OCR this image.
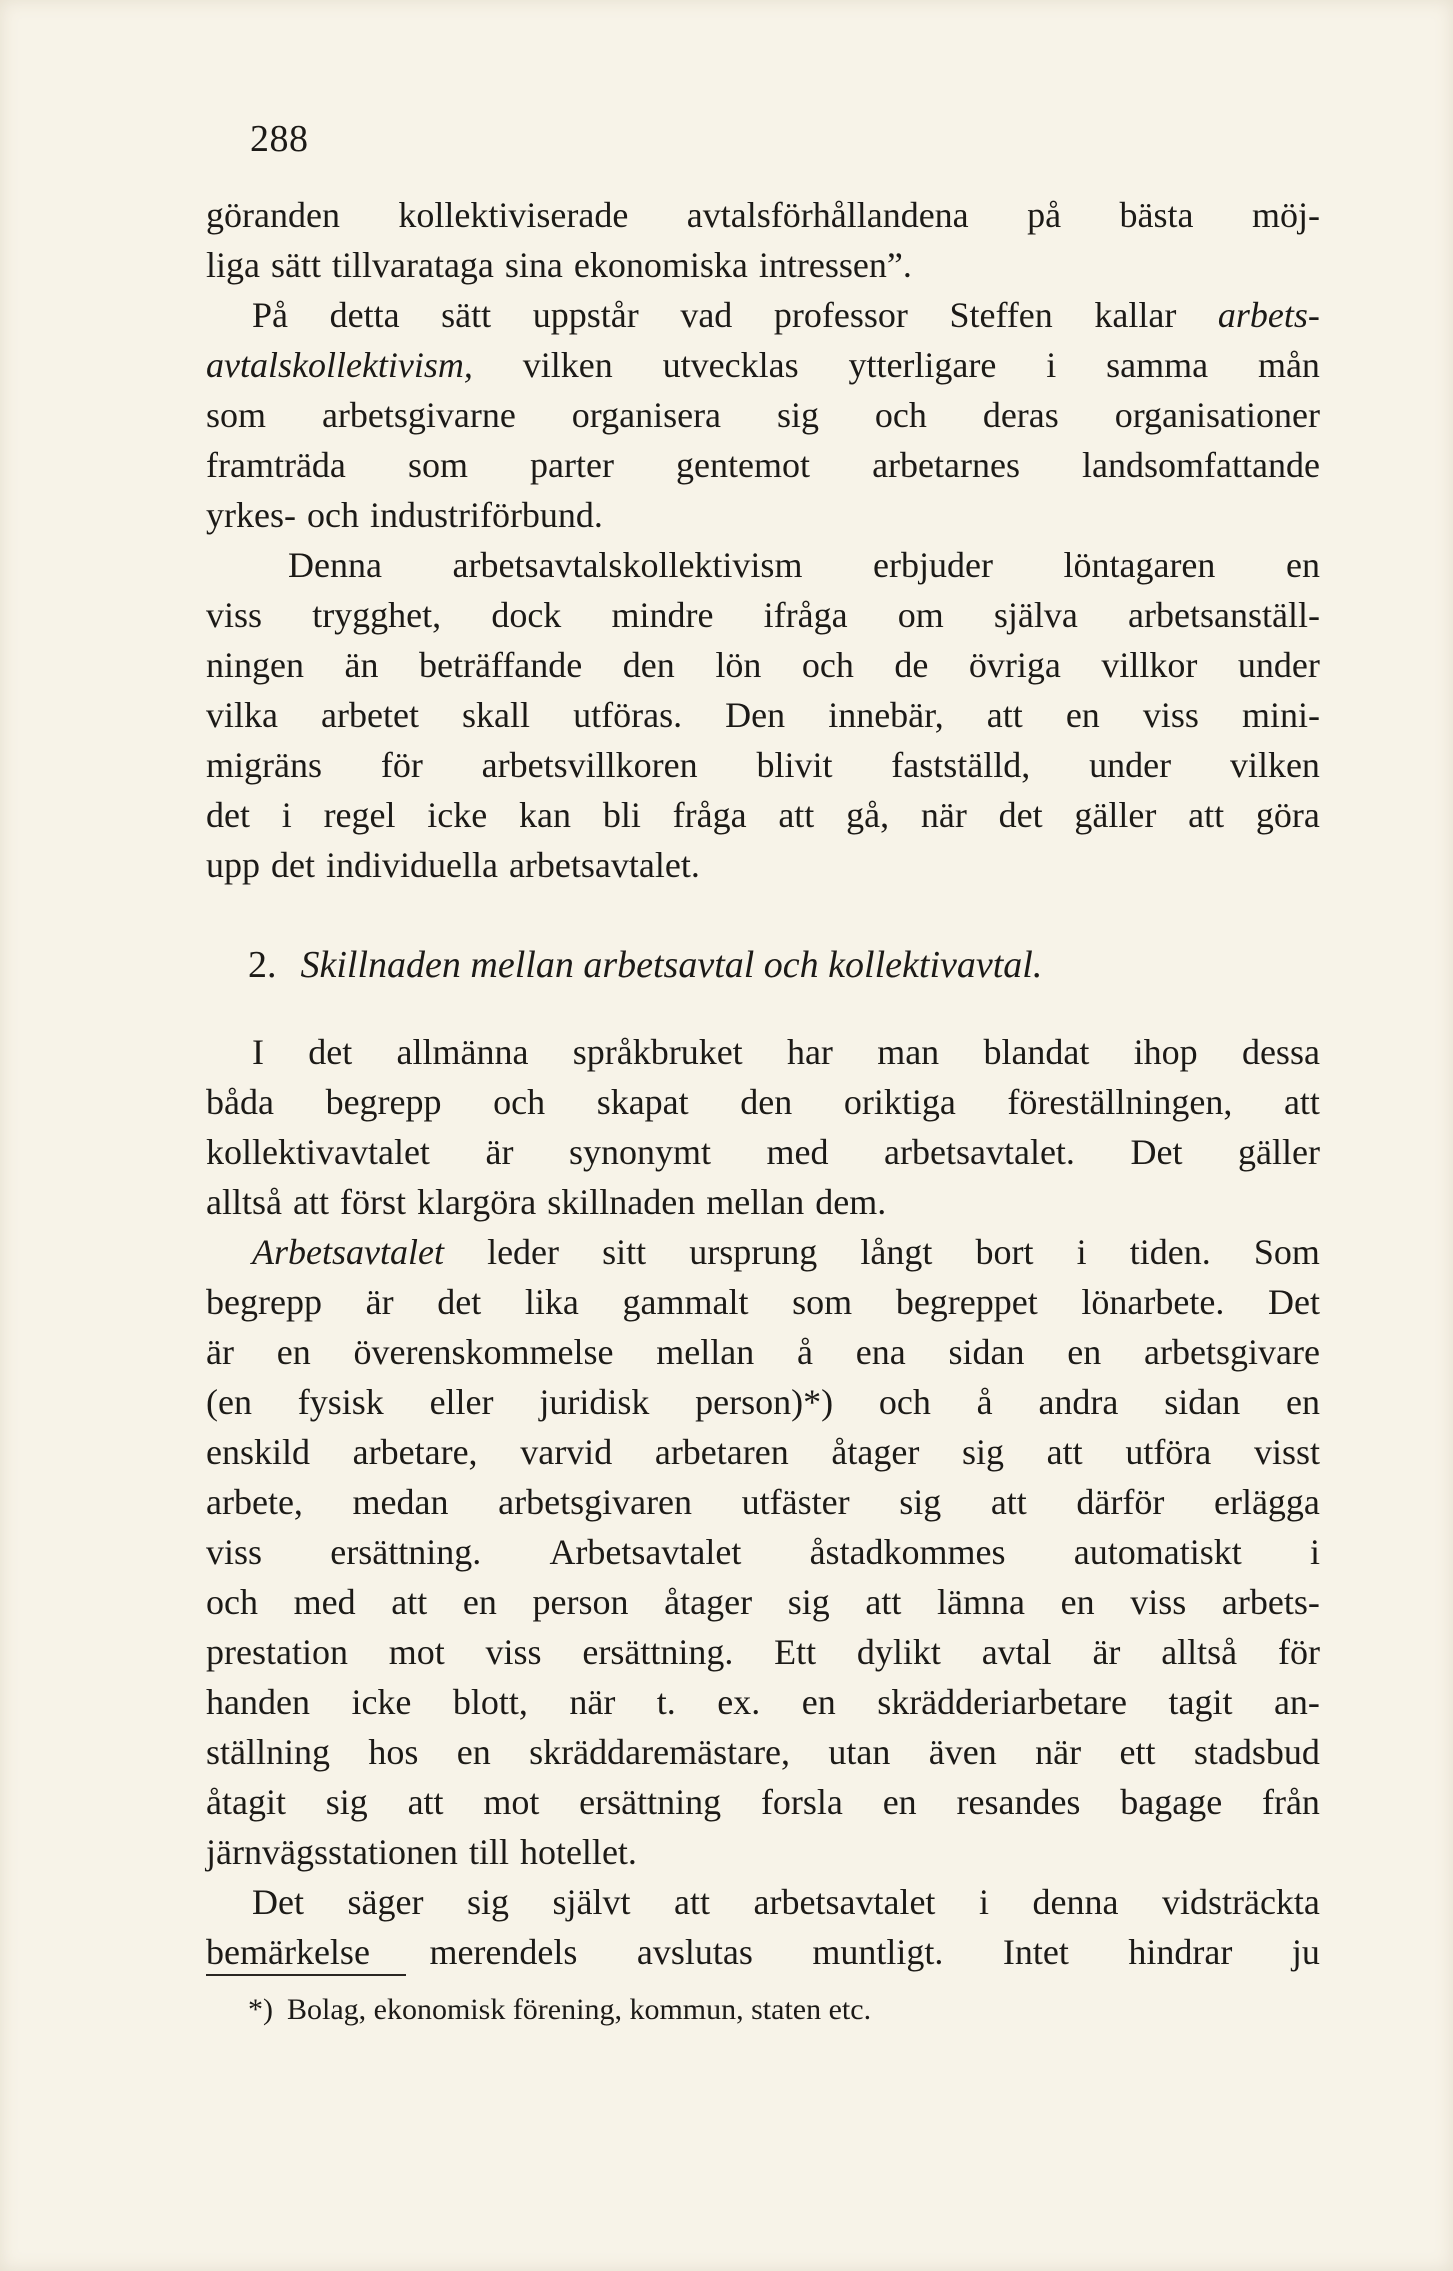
288
göranden kollektiviserade avtalsförhållandena på bästa möj-
liga sätt tillvaratagа sina ekonomiska intressen”.
På detta sätt uppstår vad professor Steffen kallar arbets-
avtalskollektivism, vilken utvecklas ytterligare i samma mån
som arbetsgivarne organisera sig och deras organisationer
framträda som parter gentemot arbetarnes landsomfattande
yrkes- och industriförbund.
Denna arbetsavtalskollektivism erbjuder löntagaren en
viss trygghet, dock mindre ifråga om själva arbetsanställ-
ningen än beträffande den lön och de övriga villkor under
vilka arbetet skall utföras. Den innebär, att en viss mini-
migräns för arbetsvillkoren blivit fastställd, under vilken
det i regel icke kan bli fråga att gå, när det gäller att göra
upp det individuella arbetsavtalet.
2. Skillnaden mellan arbetsavtal och kollektivavtal.
I det allmänna språkbruket har man blandat ihop dessa
båda begrepp och skapat den oriktiga föreställningen, att
kollektivavtalet är synonymt med arbetsavtalet. Det gäller
alltså att först klargöra skillnaden mellan dem.
Arbetsavtalet leder sitt ursprung långt bort i tiden. Som
begrepp är det lika gammalt som begreppet lönarbete. Det
är en överenskommelse mellan å ena sidan en arbetsgivare
(en fysisk eller juridisk person)*) och å andra sidan en
enskild arbetare, varvid arbetaren åtager sig att utföra visst
arbete, medan arbetsgivaren utfäster sig att därför erlägga
viss ersättning. Arbetsavtalet åstadkommes automatiskt i
och med att en person åtager sig att lämna en viss arbets-
prestation mot viss ersättning. Ett dylikt avtal är alltså för
handen icke blott, när t. ex. en skrädderiarbetare tagit an-
ställning hos en skräddaremästare, utan även när ett stadsbud
åtagit sig att mot ersättning forsla en resandes bagage från
järnvägsstationen till hotellet.
Det säger sig självt att arbetsavtalet i denna vidsträckta
bemärkelse merendels avslutas muntligt. Intet hindrar ju
*) Bolag, ekonomisk förening, kommun, staten etc.
